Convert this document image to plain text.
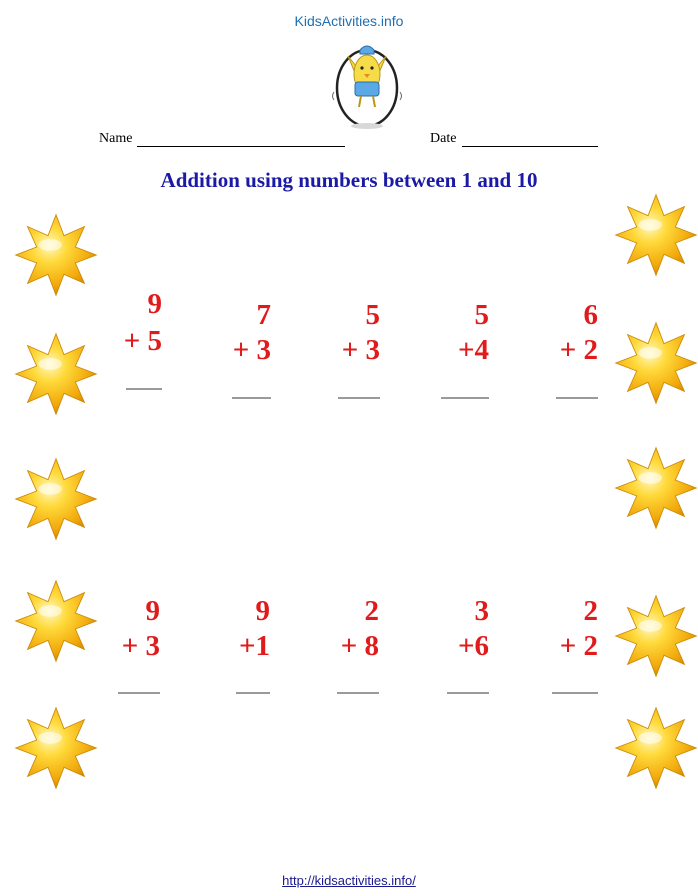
KidsActivities.info
Name	Date
Addition using numbers between 1 and 10
9
+ 5
7
+ 3
5
+ 3
5
+4
6
+ 2
9
+ 3
9
+1
2
+ 8
3
+6
2
+ 2
http://kidsactivities.info/
